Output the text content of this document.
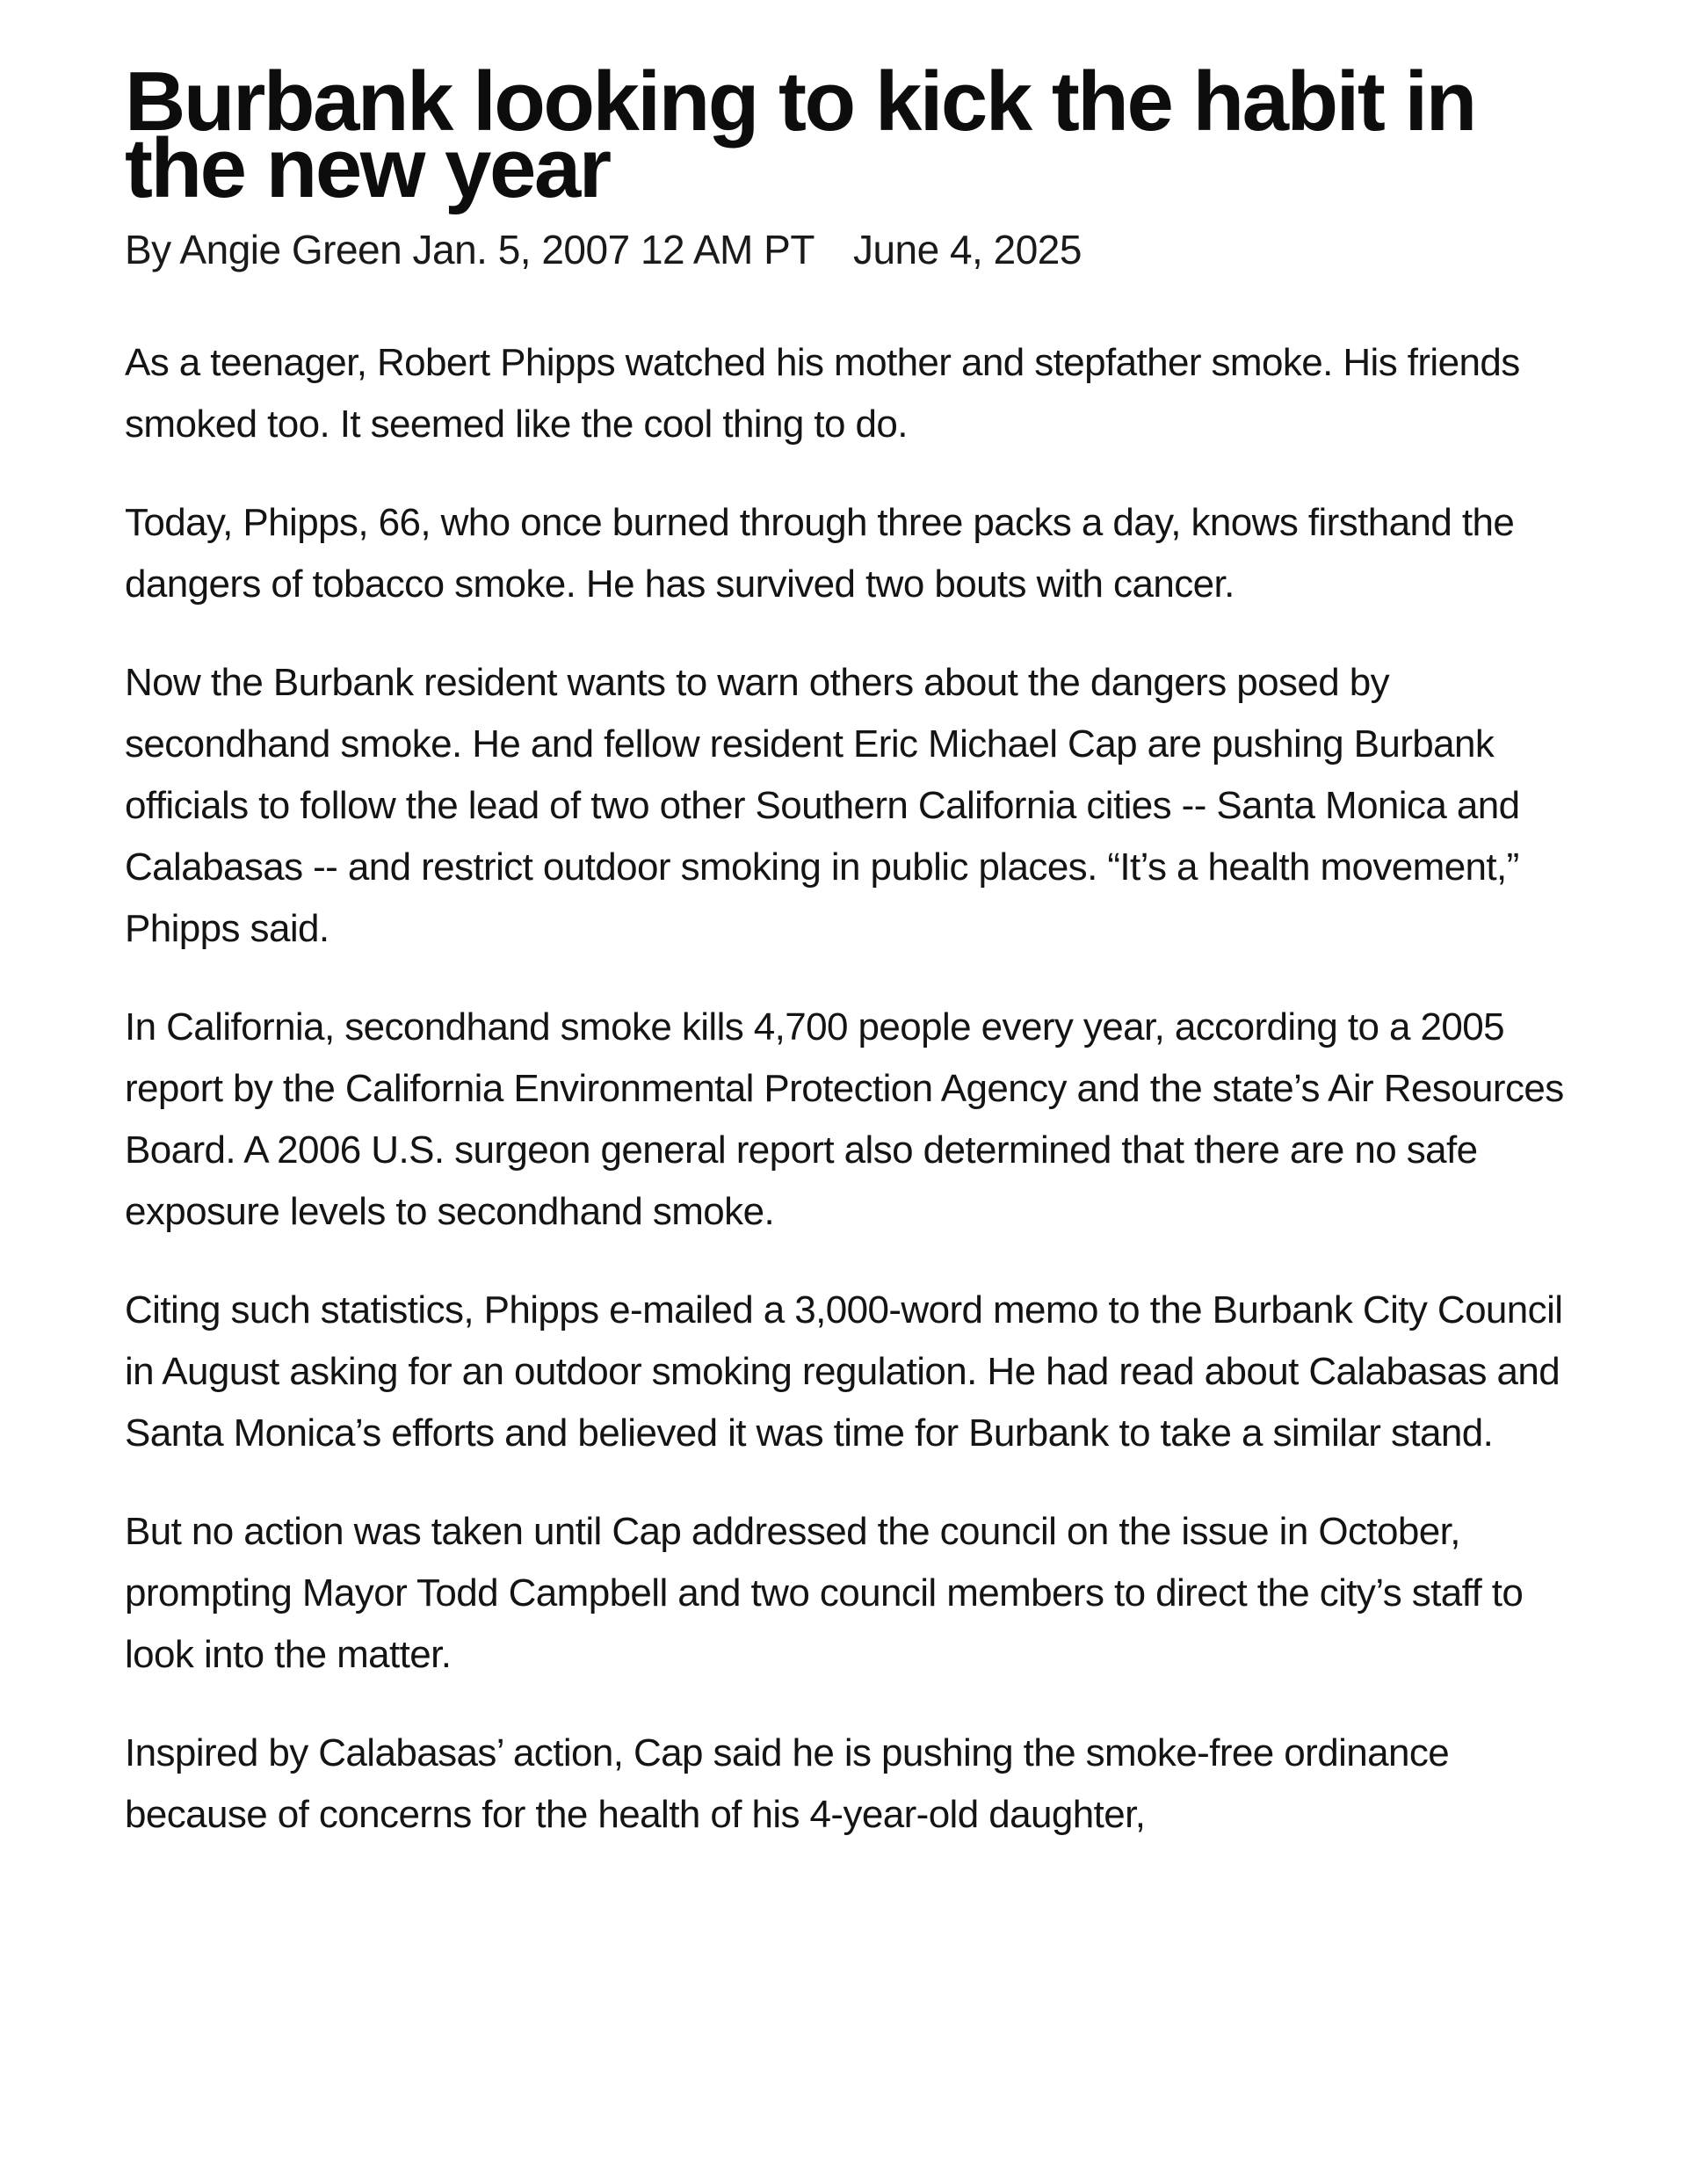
Burbank looking to kick the habit in the new year
By Angie Green Jan. 5, 2007 12 AM PT June 4, 2025

As a teenager, Robert Phipps watched his mother and stepfather smoke. His friends smoked too. It seemed like the cool thing to do.

Today, Phipps, 66, who once burned through three packs a day, knows firsthand the dangers of tobacco smoke. He has survived two bouts with cancer.

Now the Burbank resident wants to warn others about the dangers posed by secondhand smoke. He and fellow resident Eric Michael Cap are pushing Burbank officials to follow the lead of two other Southern California cities -- Santa Monica and Calabasas -- and restrict outdoor smoking in public places. “It’s a health movement,” Phipps said.

In California, secondhand smoke kills 4,700 people every year, according to a 2005 report by the California Environmental Protection Agency and the state’s Air Resources Board. A 2006 U.S. surgeon general report also determined that there are no safe exposure levels to secondhand smoke.

Citing such statistics, Phipps e-mailed a 3,000-word memo to the Burbank City Council in August asking for an outdoor smoking regulation. He had read about Calabasas and Santa Monica’s efforts and believed it was time for Burbank to take a similar stand.

But no action was taken until Cap addressed the council on the issue in October, prompting Mayor Todd Campbell and two council members to direct the city’s staff to look into the matter.

Inspired by Calabasas’ action, Cap said he is pushing the smoke-free ordinance because of concerns for the health of his 4-year-old daughter,
